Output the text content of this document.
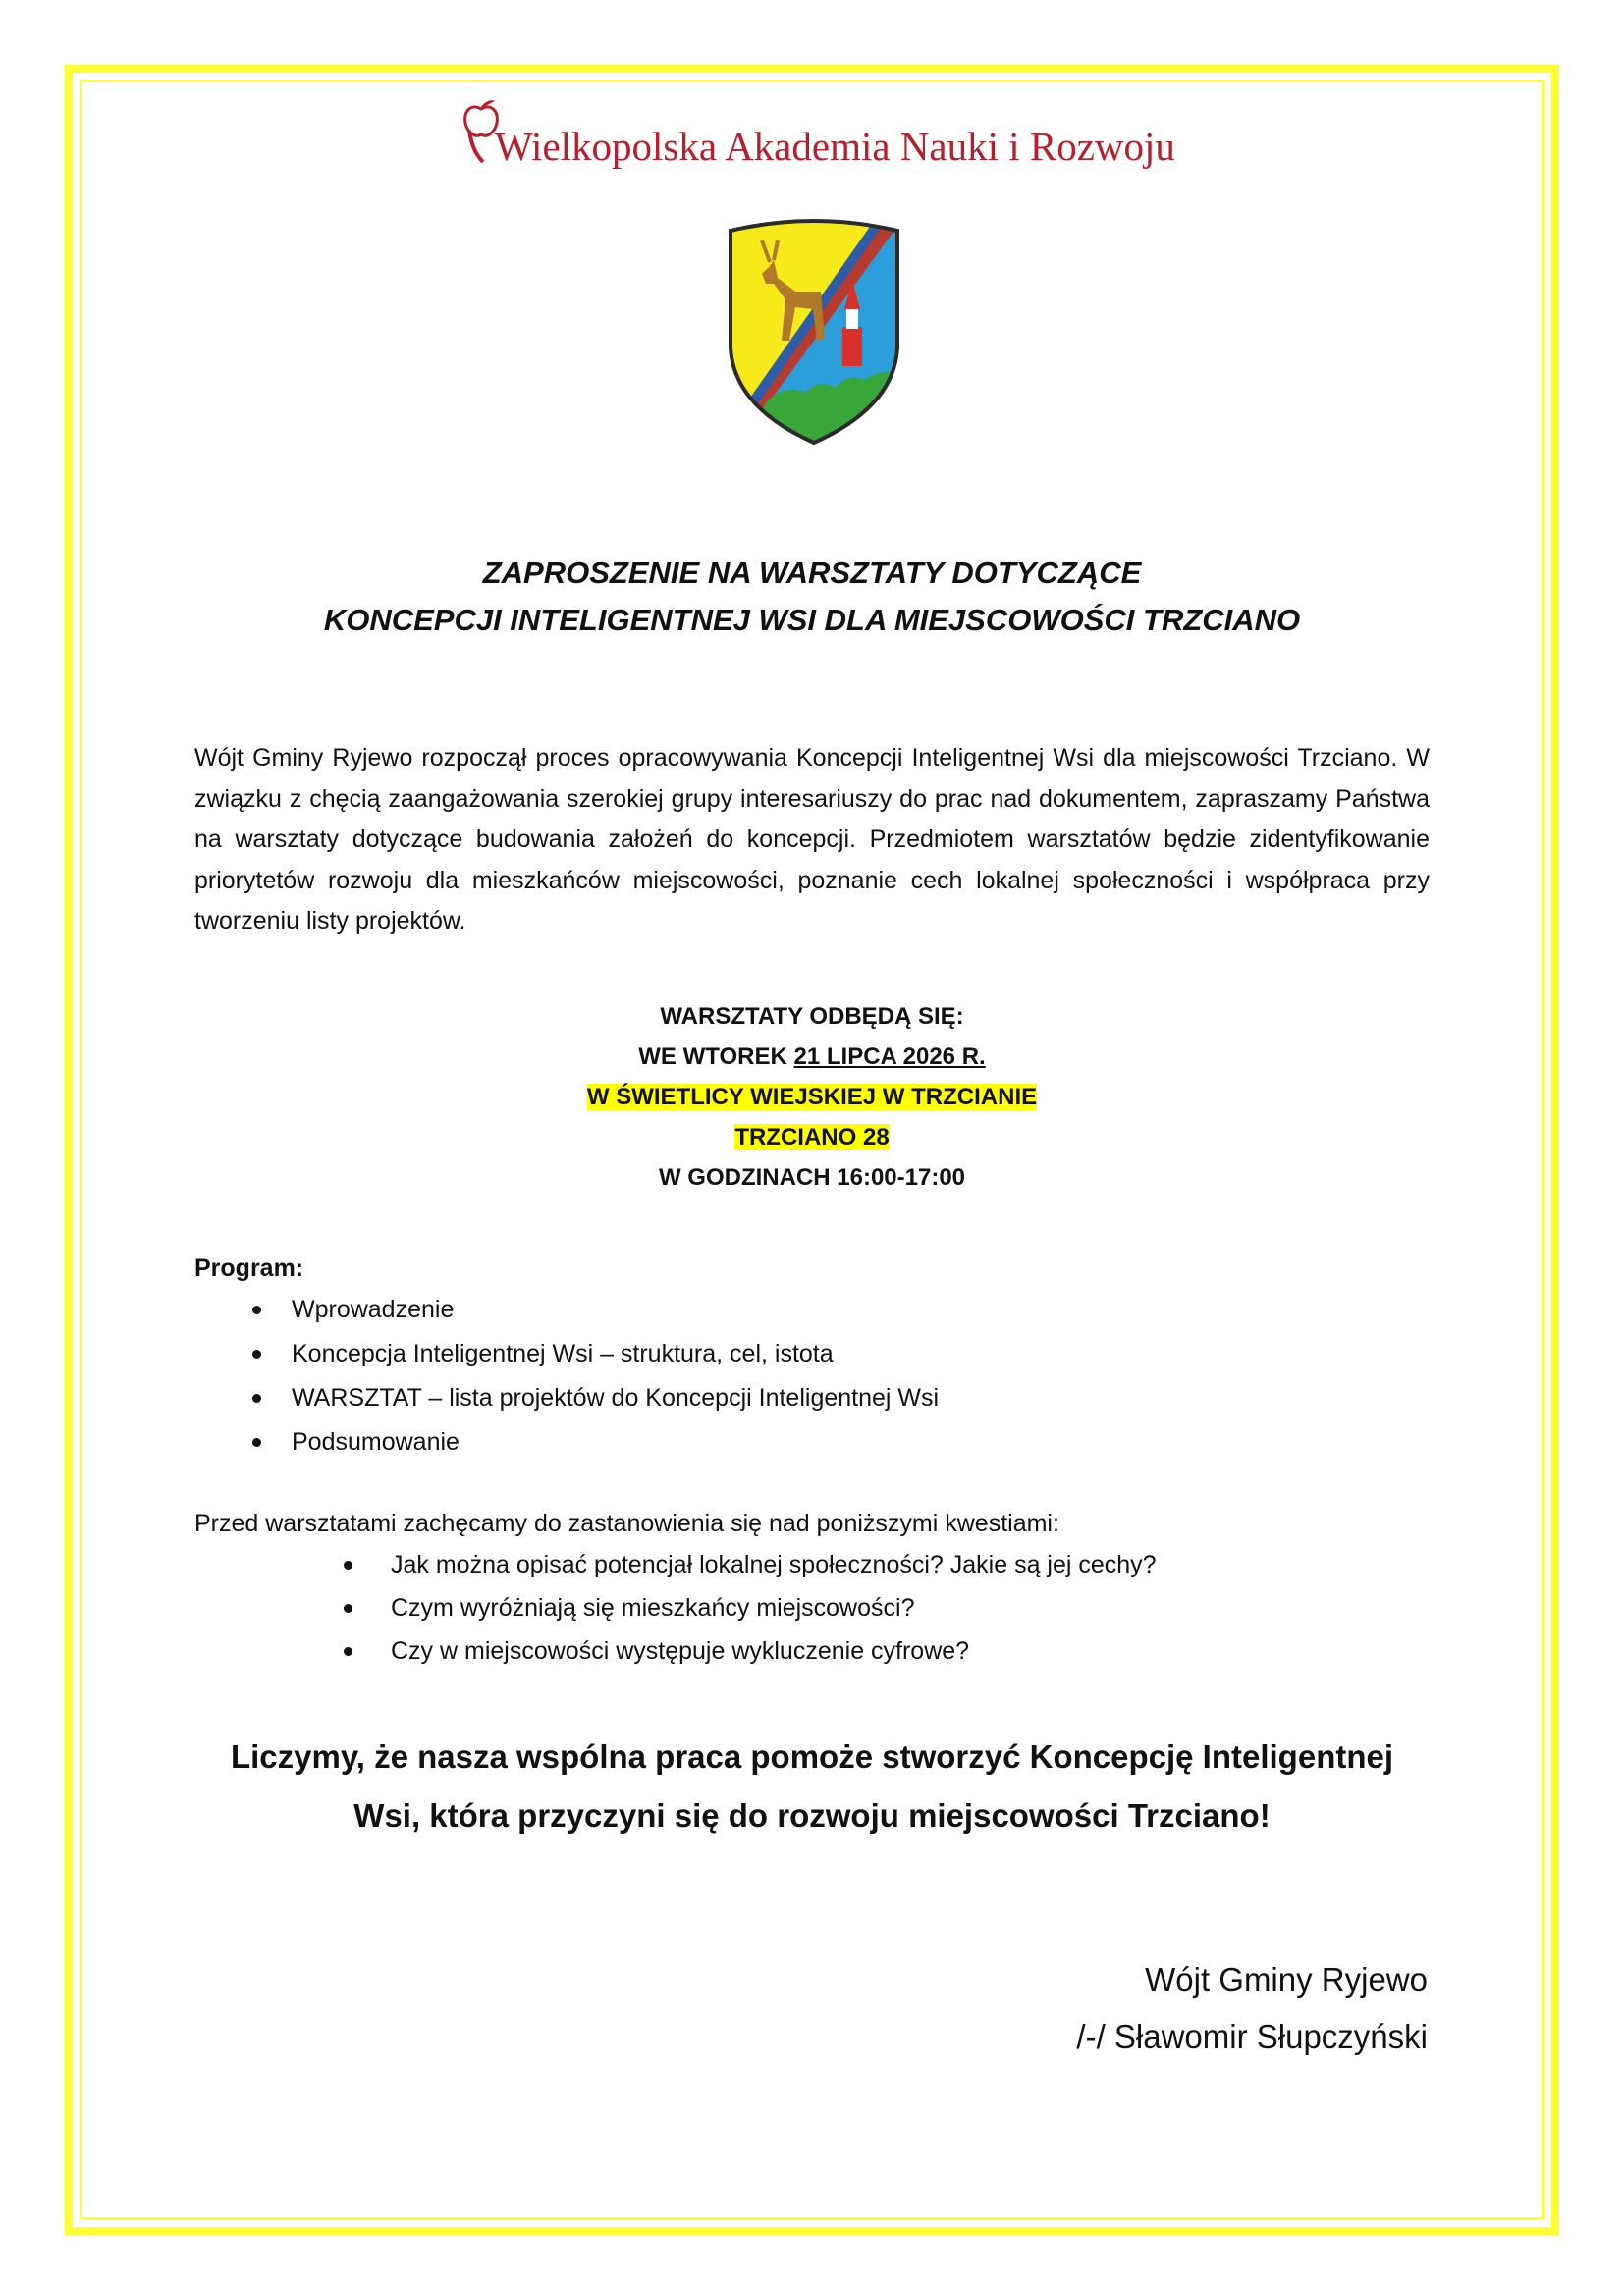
Wielkopolska Akademia Nauki i Rozwoju
ZAPROSZENIE NA WARSZTATY DOTYCZĄCE
KONCEPCJI INTELIGENTNEJ WSI DLA MIEJSCOWOŚCI TRZCIANO
Wójt Gminy Ryjewo rozpoczął proces opracowywania Koncepcji Inteligentnej Wsi dla miejscowości Trzciano. W związku z chęcią zaangażowania szerokiej grupy interesariuszy do prac nad dokumentem, zapraszamy Państwa na warsztaty dotyczące budowania założeń do koncepcji. Przedmiotem warsztatów będzie zidentyfikowanie priorytetów rozwoju dla mieszkańców miejscowości, poznanie cech lokalnej społeczności i współpraca przy tworzeniu listy projektów.
WARSZTATY ODBĘDĄ SIĘ:
WE WTOREK 21 LIPCA 2026 R.
W ŚWIETLICY WIEJSKIEJ W TRZCIANIE
TRZCIANO 28
W GODZINACH 16:00-17:00
Program:
Wprowadzenie
Koncepcja Inteligentnej Wsi – struktura, cel, istota
WARSZTAT – lista projektów do Koncepcji Inteligentnej Wsi
Podsumowanie
Przed warsztatami zachęcamy do zastanowienia się nad poniższymi kwestiami:
Jak można opisać potencjał lokalnej społeczności? Jakie są jej cechy?
Czym wyróżniają się mieszkańcy miejscowości?
Czy w miejscowości występuje wykluczenie cyfrowe?
Liczymy, że nasza wspólna praca pomoże stworzyć Koncepcję Inteligentnej
Wsi, która przyczyni się do rozwoju miejscowości Trzciano!
Wójt Gminy Ryjewo
/-/ Sławomir Słupczyński
